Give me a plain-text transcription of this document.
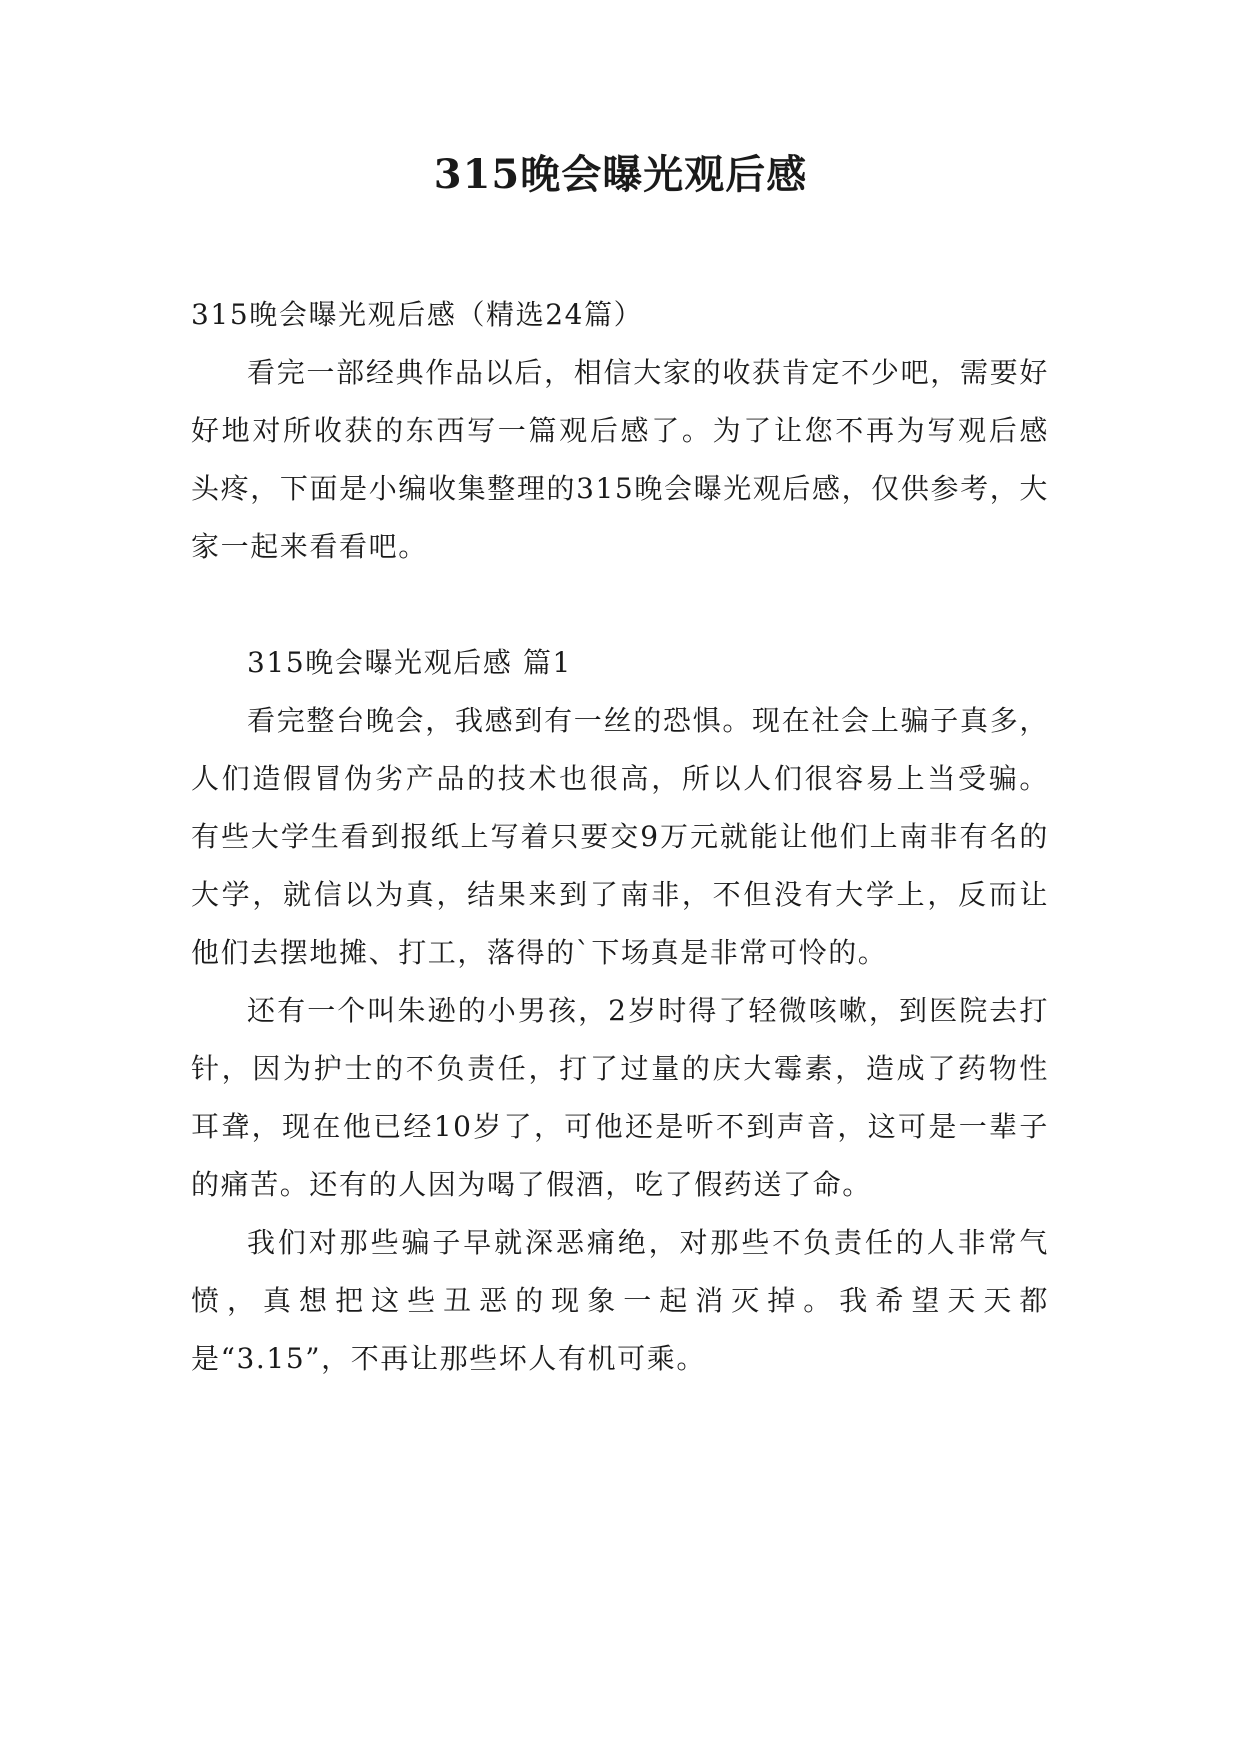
315晚会曝光观后感

315晚会曝光观后感（精选24篇）

看完一部经典作品以后，相信大家的收获肯定不少吧，需要好好地对所收获的东西写一篇观后感了。为了让您不再为写观后感头疼，下面是小编收集整理的315晚会曝光观后感，仅供参考，大家一起来看看吧。

315晚会曝光观后感 篇1

看完整台晚会，我感到有一丝的恐惧。现在社会上骗子真多，人们造假冒伪劣产品的技术也很高，所以人们很容易上当受骗。有些大学生看到报纸上写着只要交9万元就能让他们上南非有名的大学，就信以为真，结果来到了南非，不但没有大学上，反而让他们去摆地摊、打工，落得的`下场真是非常可怜的。

还有一个叫朱逊的小男孩，2岁时得了轻微咳嗽，到医院去打针，因为护士的不负责任，打了过量的庆大霉素，造成了药物性耳聋，现在他已经10岁了，可他还是听不到声音，这可是一辈子的痛苦。还有的人因为喝了假酒，吃了假药送了命。

我们对那些骗子早就深恶痛绝，对那些不负责任的人非常气愤，真想把这些丑恶的现象一起消灭掉。我希望天天都是“3.15”，不再让那些坏人有机可乘。
